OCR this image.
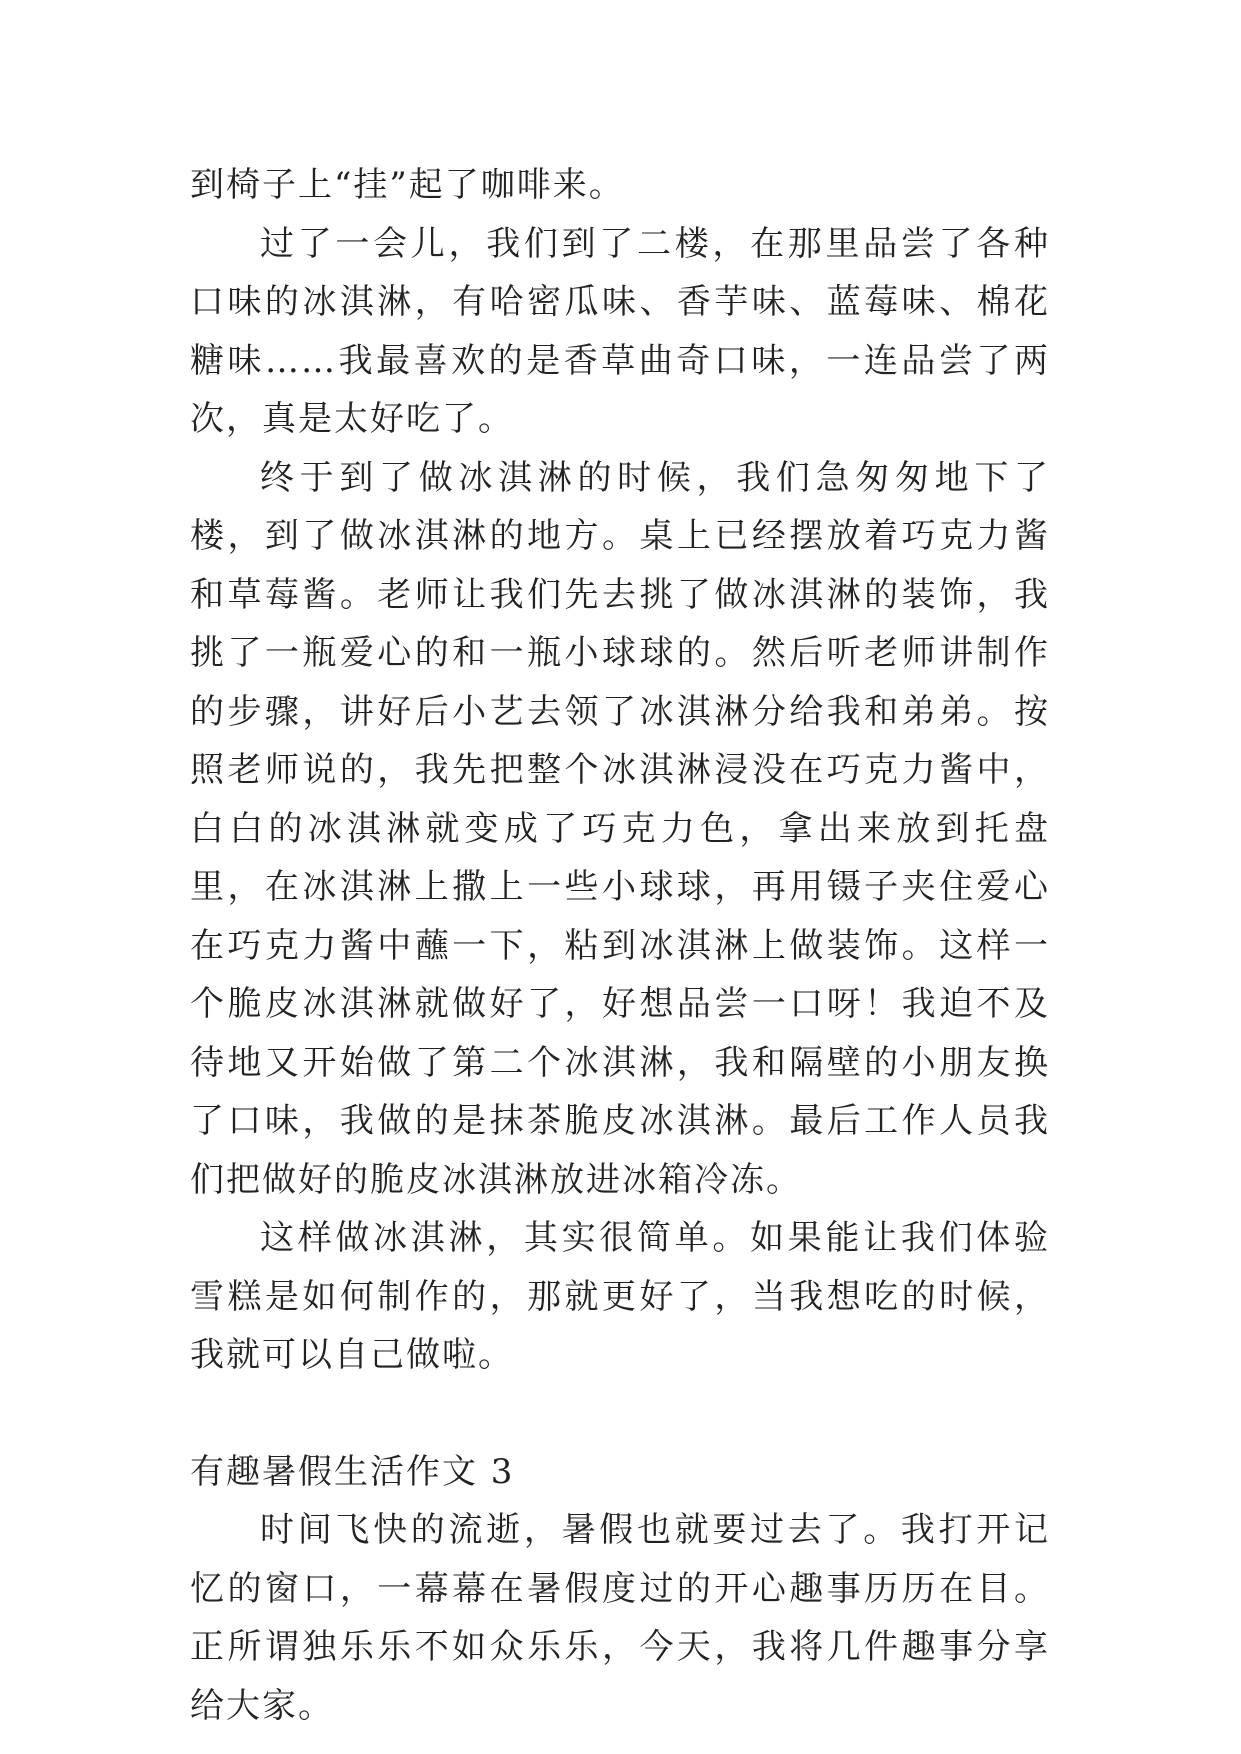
到椅子上“挂”起了咖啡来。

过了一会儿，我们到了二楼，在那里品尝了各种口味的冰淇淋，有哈密瓜味、香芋味、蓝莓味、棉花糖味……我最喜欢的是香草曲奇口味，一连品尝了两次，真是太好吃了。

终于到了做冰淇淋的时候，我们急匆匆地下了楼，到了做冰淇淋的地方。桌上已经摆放着巧克力酱和草莓酱。老师让我们先去挑了做冰淇淋的装饰，我挑了一瓶爱心的和一瓶小球球的。然后听老师讲制作的步骤，讲好后小艺去领了冰淇淋分给我和弟弟。按照老师说的，我先把整个冰淇淋浸没在巧克力酱中，白白的冰淇淋就变成了巧克力色，拿出来放到托盘里，在冰淇淋上撒上一些小球球，再用镊子夹住爱心在巧克力酱中蘸一下，粘到冰淇淋上做装饰。这样一个脆皮冰淇淋就做好了，好想品尝一口呀！我迫不及待地又开始做了第二个冰淇淋，我和隔壁的小朋友换了口味，我做的是抹茶脆皮冰淇淋。最后工作人员我们把做好的脆皮冰淇淋放进冰箱冷冻。

这样做冰淇淋，其实很简单。如果能让我们体验雪糕是如何制作的，那就更好了，当我想吃的时候，我就可以自己做啦。

有趣暑假生活作文 3

时间飞快的流逝，暑假也就要过去了。我打开记忆的窗口，一幕幕在暑假度过的开心趣事历历在目。正所谓独乐乐不如众乐乐，今天，我将几件趣事分享给大家。
